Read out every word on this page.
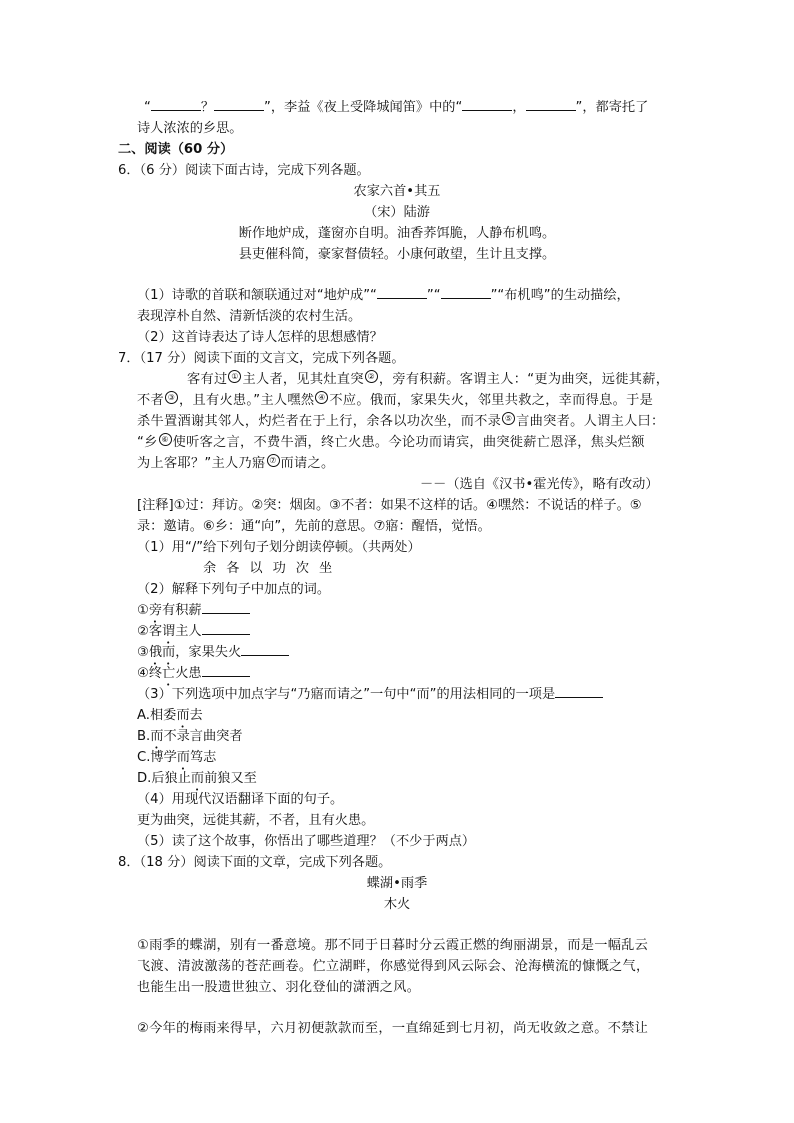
“	？	”，李益《夜上受降城闻笛》中的“	，	”，都寄托了
诗人浓浓的乡思。
二、阅读（60 分）
6．（6 分）阅读下面古诗，完成下列各题。
农家六首•其五
（宋）陆游
断作地炉成，蓬窗亦自明。油香荞饵脆，人静布机鸣。
县吏催科简，豪家督债轻。小康何敢望，生计且支撑。
（1）诗歌的首联和颔联通过对“地炉成”“	”“	”“布机鸣”的生动描绘，
表现淳朴自然、清新恬淡的农村生活。
（2）这首诗表达了诗人怎样的思想感情？
7．（17 分）阅读下面的文言文，完成下列各题。
客有过 ① 主人者，见其灶直突 ② ，旁有积薪。客谓主人：“更为曲突，远徙其薪，
不者 ③ ，且有火患。”主人嘿然 ④ 不应。俄而，家果失火，邻里共救之，幸而得息。于是
杀牛置酒谢其邻人，灼烂者在于上行，余各以功次坐，而不录 ⑤ 言曲突者。人谓主人曰：
“乡 ⑥ 使听客之言，不费牛酒，终亡火患。今论功而请宾，曲突徙薪亡恩泽，焦头烂额
为上客耶？”主人乃寤 ⑦ 而请之。
－－（选自《汉书•霍光传》，略有改动）
[注释]①过：拜访。②突：烟囱。③不者：如果不这样的话。④嘿然：不说话的样子。⑤
录：邀请。⑥乡：通“向”，先前的意思。⑦寤：醒悟，觉悟。
（1）用“/”给下列句子划分朗读停顿。（共两处）
余 各 以 功 次 坐
（2）解释下列句子中加点的词。
①旁有积薪
②客谓主人
③俄而，家果失火
④终亡火患
（3）下列选项中加点字与“乃寤而请之”一句中“而”的用法相同的一项是
A.相委而去
B.而不录言曲突者
C.博学而笃志
D.后狼止而前狼又至
（4）用现代汉语翻译下面的句子。
更为曲突，远徙其薪，不者，且有火患。
（5）读了这个故事，你悟出了哪些道理？（不少于两点）
8．（18 分）阅读下面的文章，完成下列各题。
蝶湖•雨季
木火
①雨季的蝶湖，别有一番意境。那不同于日暮时分云霞正燃的绚丽湖景，而是一幅乱云
飞渡、清波激荡的苍茫画卷。伫立湖畔，你感觉得到风云际会、沧海横流的慷慨之气，
也能生出一股遗世独立、羽化登仙的潇洒之风。
②今年的梅雨来得早，六月初便款款而至，一直绵延到七月初，尚无收敛之意。不禁让
